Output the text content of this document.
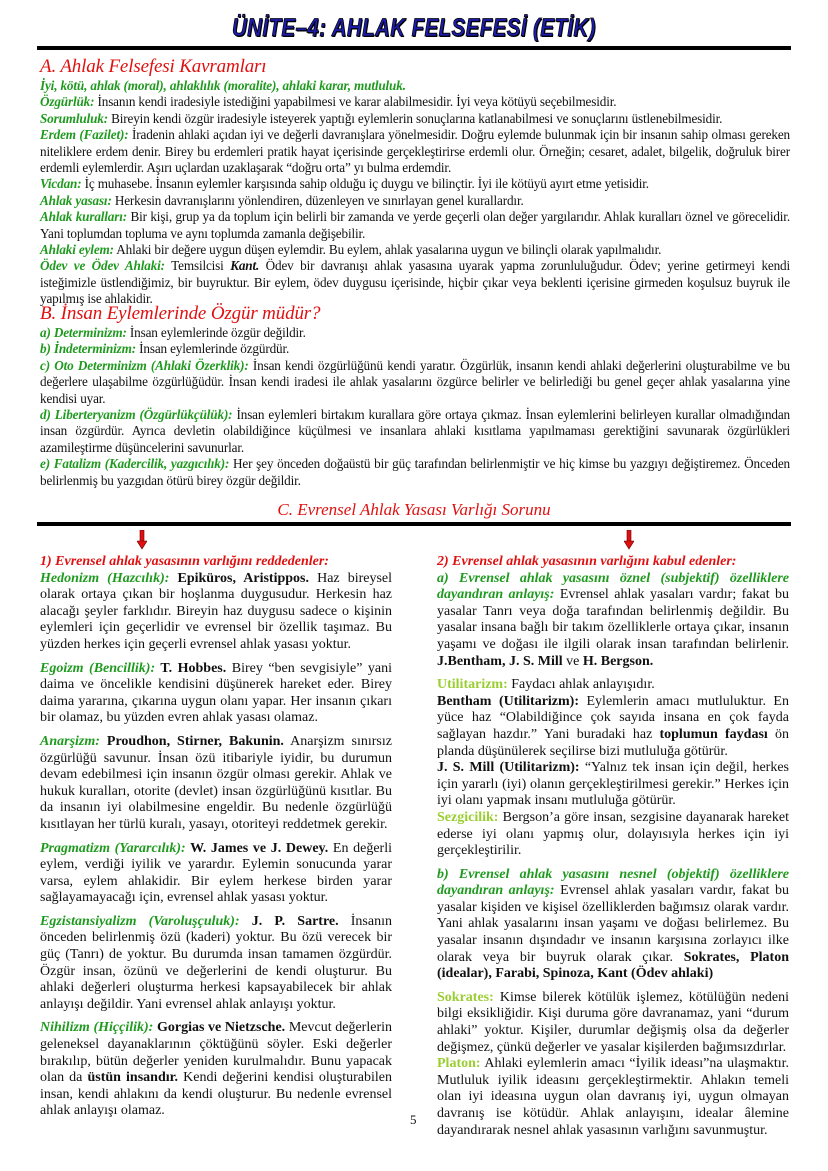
ÜNİTE–4: AHLAK FELSEFESİ (ETİK)

A. Ahlak Felsefesi Kavramları

İyi, kötü, ahlak (moral), ahlaklılık (moralite), ahlaki karar, mutluluk.

Özgürlük: İnsanın kendi iradesiyle istediğini yapabilmesi ve karar alabilmesidir. İyi veya kötüyü seçebilmesidir.

Sorumluluk: Bireyin kendi özgür iradesiyle isteyerek yaptığı eylemlerin sonuçlarına katlanabilmesi ve sonuçlarını üstlenebilmesidir.

Erdem (Fazilet): İradenin ahlaki açıdan iyi ve değerli davranışlara yönelmesidir. Doğru eylemde bulunmak için bir insanın sahip olması gereken niteliklere erdem denir. Birey bu erdemleri pratik hayat içerisinde gerçekleştirirse erdemli olur. Örneğin; cesaret, adalet, bilgelik, doğruluk birer erdemli eylemlerdir. Aşırı uçlardan uzaklaşarak “doğru orta” yı bulma erdemdir.

Vicdan: İç muhasebe. İnsanın eylemler karşısında sahip olduğu iç duygu ve bilinçtir. İyi ile kötüyü ayırt etme yetisidir.

Ahlak yasası: Herkesin davranışlarını yönlendiren, düzenleyen ve sınırlayan genel kurallardır.

Ahlak kuralları: Bir kişi, grup ya da toplum için belirli bir zamanda ve yerde geçerli olan değer yargılarıdır. Ahlak kuralları öznel ve görecelidir. Yani toplumdan topluma ve aynı toplumda zamanla değişebilir.

Ahlaki eylem: Ahlaki bir değere uygun düşen eylemdir. Bu eylem, ahlak yasalarına uygun ve bilinçli olarak yapılmalıdır.

Ödev ve Ödev Ahlaki: Temsilcisi Kant. Ödev bir davranışı ahlak yasasına uyarak yapma zorunluluğudur. Ödev; yerine getirmeyi kendi isteğimizle üstlendiğimiz, bir buyruktur. Bir eylem, ödev duygusu içerisinde, hiçbir çıkar veya beklenti içerisine girmeden koşulsuz buyruk ile yapılmış ise ahlakidir.

B. İnsan Eylemlerinde Özgür müdür?

a) Determinizm: İnsan eylemlerinde özgür değildir.

b) İndeterminizm: İnsan eylemlerinde özgürdür.

c) Oto Determinizm (Ahlaki Özerklik): İnsan kendi özgürlüğünü kendi yaratır. Özgürlük, insanın kendi ahlaki değerlerini oluşturabilme ve bu değerlere ulaşabilme özgürlüğüdür. İnsan kendi iradesi ile ahlak yasalarını özgürce belirler ve belirlediği bu genel geçer ahlak yasalarına yine kendisi uyar.

d) Liberteryanizm (Özgürlükçülük): İnsan eylemleri birtakım kurallara göre ortaya çıkmaz. İnsan eylemlerini belirleyen kurallar olmadığından insan özgürdür. Ayrıca devletin olabildiğince küçülmesi ve insanlara ahlaki kısıtlama yapılmaması gerektiğini savunarak özgürlükleri azamileştirme düşüncelerini savunurlar.

e) Fatalizm (Kadercilik, yazgıcılık): Her şey önceden doğaüstü bir güç tarafından belirlenmiştir ve hiç kimse bu yazgıyı değiştiremez. Önceden belirlenmiş bu yazgıdan ötürü birey özgür değildir.

C. Evrensel Ahlak Yasası Varlığı Sorunu

1) Evrensel ahlak yasasının varlığını reddedenler:
Hedonizm (Hazcılık): Epiküros, Aristippos. Haz bireysel olarak ortaya çıkan bir hoşlanma duygusudur. Herkesin haz alacağı şeyler farklıdır. Bireyin haz duygusu sadece o kişinin eylemleri için geçerlidir ve evrensel bir özellik taşımaz. Bu yüzden herkes için geçerli evrensel ahlak yasası yoktur.

Egoizm (Bencillik): T. Hobbes. Birey “ben sevgisiyle” yani daima ve öncelikle kendisini düşünerek hareket eder. Birey daima yararına, çıkarına uygun olanı yapar. Her insanın çıkarı bir olamaz, bu yüzden evren ahlak yasası olamaz.

Anarşizm: Proudhon, Stirner, Bakunin. Anarşizm sınırsız özgürlüğü savunur. İnsan özü itibariyle iyidir, bu durumun devam edebilmesi için insanın özgür olması gerekir. Ahlak ve hukuk kuralları, otorite (devlet) insan özgürlüğünü kısıtlar. Bu da insanın iyi olabilmesine engeldir. Bu nedenle özgürlüğü kısıtlayan her türlü kuralı, yasayı, otoriteyi reddetmek gerekir.

Pragmatizm (Yararcılık): W. James ve J. Dewey. En değerli eylem, verdiği iyilik ve yarardır. Eylemin sonucunda yarar varsa, eylem ahlakidir. Bir eylem herkese birden yarar sağlayamayacağı için, evrensel ahlak yasası yoktur.

Egzistansiyalizm (Varoluşçuluk): J. P. Sartre. İnsanın önceden belirlenmiş özü (kaderi) yoktur. Bu özü verecek bir güç (Tanrı) de yoktur. Bu durumda insan tamamen özgürdür. Özgür insan, özünü ve değerlerini de kendi oluşturur. Bu ahlaki değerleri oluşturma herkesi kapsayabilecek bir ahlak anlayışı değildir. Yani evrensel ahlak anlayışı yoktur.

Nihilizm (Hiççilik): Gorgias ve Nietzsche. Mevcut değerlerin geleneksel dayanaklarının çöktüğünü söyler. Eski değerler bırakılıp, bütün değerler yeniden kurulmalıdır. Bunu yapacak olan da üstün insandır. Kendi değerini kendisi oluşturabilen insan, kendi ahlakını da kendi oluşturur. Bu nedenle evrensel ahlak anlayışı olamaz.

2) Evrensel ahlak yasasının varlığını kabul edenler:
a) Evrensel ahlak yasasını öznel (subjektif) özelliklere dayandıran anlayış: Evrensel ahlak yasaları vardır; fakat bu yasalar Tanrı veya doğa tarafından belirlenmiş değildir. Bu yasalar insana bağlı bir takım özelliklerle ortaya çıkar, insanın yaşamı ve doğası ile ilgili olarak insan tarafından belirlenir. J.Bentham, J. S. Mill ve H. Bergson.

Utilitarizm: Faydacı ahlak anlayışıdır.
Bentham (Utilitarizm): Eylemlerin amacı mutluluktur. En yüce haz “Olabildiğince çok sayıda insana en çok fayda sağlayan hazdır.” Yani buradaki haz toplumun faydası ön planda düşünülerek seçilirse bizi mutluluğa götürür.
J. S. Mill (Utilitarizm): “Yalnız tek insan için değil, herkes için yararlı (iyi) olanın gerçekleştirilmesi gerekir.” Herkes için iyi olanı yapmak insanı mutluluğa götürür.
Sezgicilik: Bergson’a göre insan, sezgisine dayanarak hareket ederse iyi olanı yapmış olur, dolayısıyla herkes için iyi gerçekleştirilir.

b) Evrensel ahlak yasasını nesnel (objektif) özelliklere dayandıran anlayış: Evrensel ahlak yasaları vardır, fakat bu yasalar kişiden ve kişisel özelliklerden bağımsız olarak vardır. Yani ahlak yasalarını insan yaşamı ve doğası belirlemez. Bu yasalar insanın dışındadır ve insanın karşısına zorlayıcı ilke olarak veya bir buyruk olarak çıkar. Sokrates, Platon (idealar), Farabi, Spinoza, Kant (Ödev ahlaki)

Sokrates: Kimse bilerek kötülük işlemez, kötülüğün nedeni bilgi eksikliğidir. Kişi duruma göre davranamaz, yani “durum ahlaki” yoktur. Kişiler, durumlar değişmiş olsa da değerler değişmez, çünkü değerler ve yasalar kişilerden bağımsızdırlar.
Platon: Ahlaki eylemlerin amacı “İyilik ideası”na ulaşmaktır. Mutluluk iyilik ideasını gerçekleştirmektir. Ahlakın temeli olan iyi ideasına uygun olan davranış iyi, uygun olmayan davranış ise kötüdür. Ahlak anlayışını, idealar âlemine dayandırarak nesnel ahlak yasasının varlığını savunmuştur.

5
